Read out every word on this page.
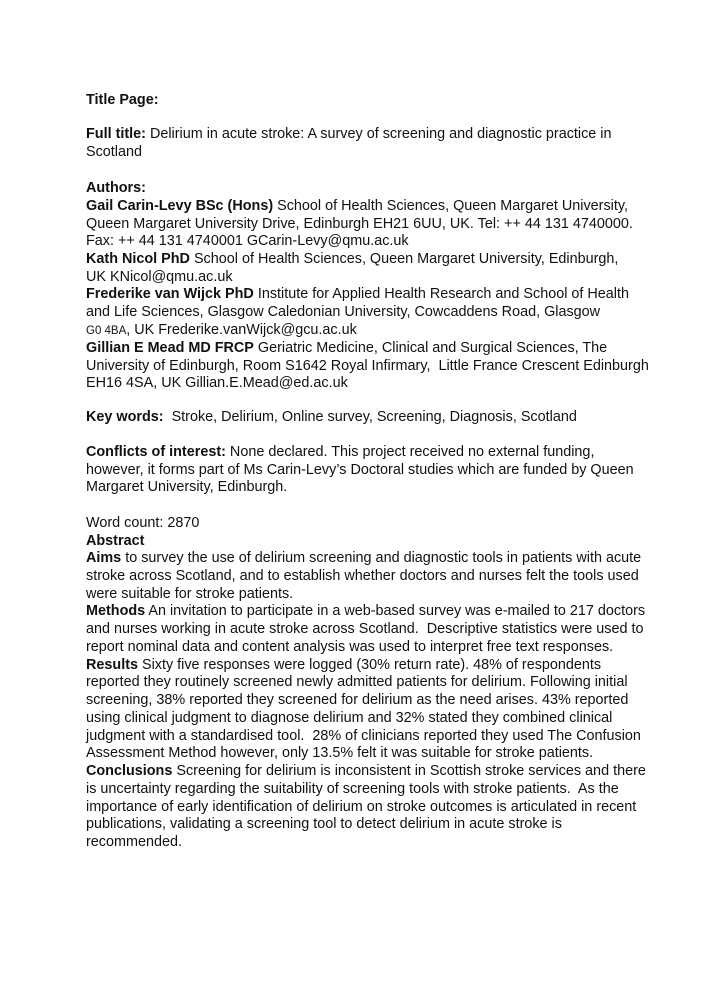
Title Page:
Full title: Delirium in acute stroke: A survey of screening and diagnostic practice in
Scotland
Authors:
Gail Carin-Levy BSc (Hons) School of Health Sciences, Queen Margaret University,
Queen Margaret University Drive, Edinburgh EH21 6UU, UK. Tel: ++ 44 131 4740000.
Fax: ++ 44 131 4740001 GCarin-Levy@qmu.ac.uk
Kath Nicol PhD School of Health Sciences, Queen Margaret University, Edinburgh,
UK KNicol@qmu.ac.uk
Frederike van Wijck PhD Institute for Applied Health Research and School of Health
and Life Sciences, Glasgow Caledonian University, Cowcaddens Road, Glasgow
G0 4BA, UK Frederike.vanWijck@gcu.ac.uk
Gillian E Mead MD FRCP Geriatric Medicine, Clinical and Surgical Sciences, The
University of Edinburgh, Room S1642 Royal Infirmary,  Little France Crescent Edinburgh
EH16 4SA, UK Gillian.E.Mead@ed.ac.uk
Key words:  Stroke, Delirium, Online survey, Screening, Diagnosis, Scotland
Conflicts of interest: None declared. This project received no external funding,
however, it forms part of Ms Carin-Levy’s Doctoral studies which are funded by Queen
Margaret University, Edinburgh.
Word count: 2870
Abstract
Aims to survey the use of delirium screening and diagnostic tools in patients with acute
stroke across Scotland, and to establish whether doctors and nurses felt the tools used
were suitable for stroke patients.
Methods An invitation to participate in a web-based survey was e-mailed to 217 doctors
and nurses working in acute stroke across Scotland.  Descriptive statistics were used to
report nominal data and content analysis was used to interpret free text responses.
Results Sixty five responses were logged (30% return rate). 48% of respondents
reported they routinely screened newly admitted patients for delirium. Following initial
screening, 38% reported they screened for delirium as the need arises. 43% reported
using clinical judgment to diagnose delirium and 32% stated they combined clinical
judgment with a standardised tool.  28% of clinicians reported they used The Confusion
Assessment Method however, only 13.5% felt it was suitable for stroke patients.
Conclusions Screening for delirium is inconsistent in Scottish stroke services and there
is uncertainty regarding the suitability of screening tools with stroke patients.  As the
importance of early identification of delirium on stroke outcomes is articulated in recent
publications, validating a screening tool to detect delirium in acute stroke is
recommended.
